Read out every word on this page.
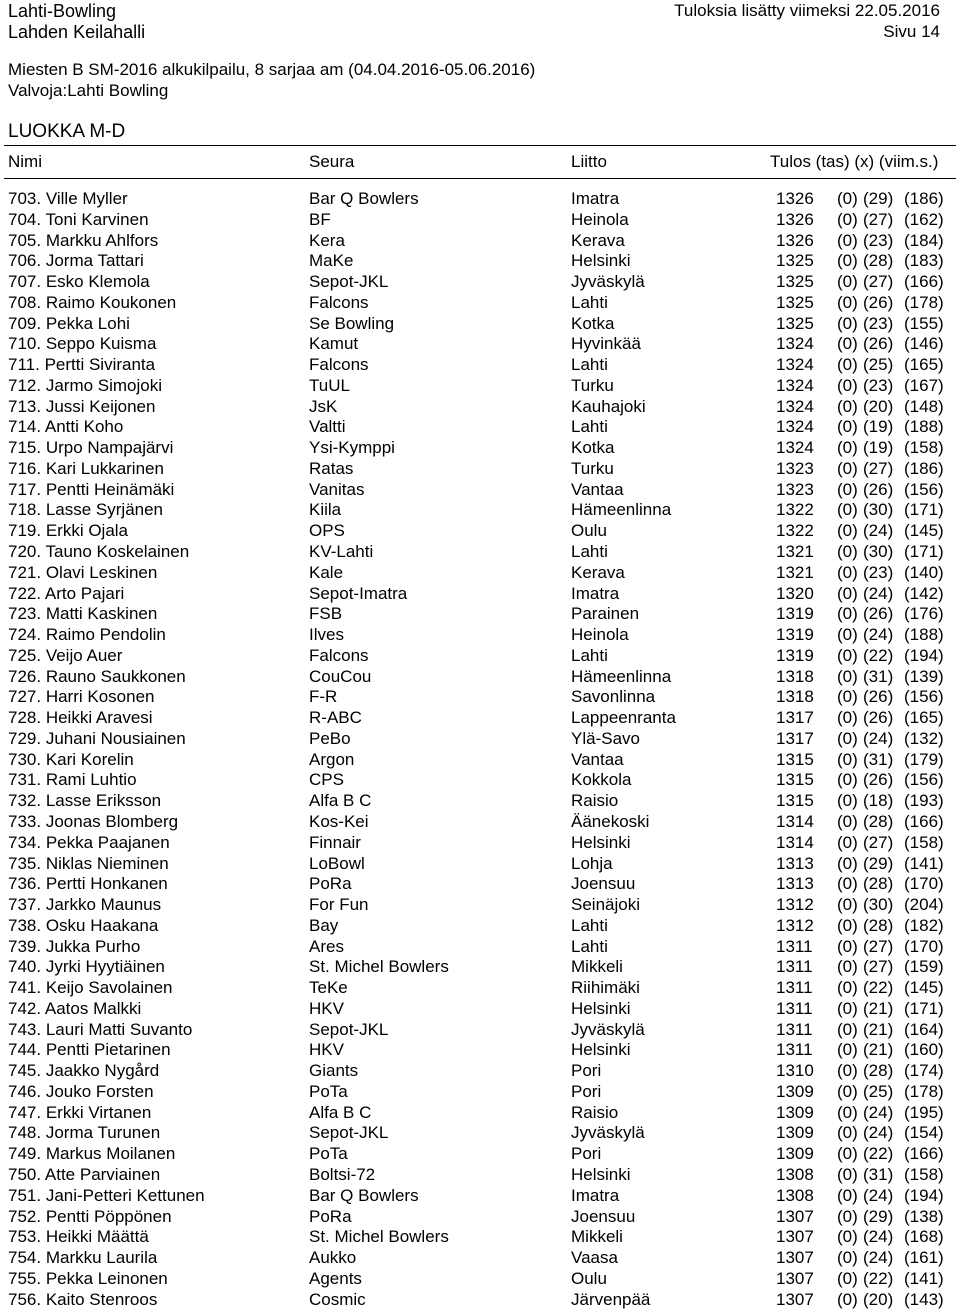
Lahti-Bowling
Lahden Keilahalli
Tuloksia lisätty viimeksi 22.05.2016
Sivu 14
Miesten B SM-2016 alkukilpailu, 8 sarjaa am (04.04.2016-05.06.2016)
Valvoja:Lahti Bowling
LUOKKA M-D
Nimi	Seura	Liitto	Tulos (tas) (x) (viim.s.)
703. Ville Myller	Bar Q Bowlers	Imatra	1326 (0) (29) (186)
704. Toni Karvinen	BF	Heinola	1326 (0) (27) (162)
705. Markku Ahlfors	Kera	Kerava	1326 (0) (23) (184)
706. Jorma Tattari	MaKe	Helsinki	1325 (0) (28) (183)
707. Esko Klemola	Sepot-JKL	Jyväskylä	1325 (0) (27) (166)
708. Raimo Koukonen	Falcons	Lahti	1325 (0) (26) (178)
709. Pekka Lohi	Se Bowling	Kotka	1325 (0) (23) (155)
710. Seppo Kuisma	Kamut	Hyvinkää	1324 (0) (26) (146)
711. Pertti Siviranta	Falcons	Lahti	1324 (0) (25) (165)
712. Jarmo Simojoki	TuUL	Turku	1324 (0) (23) (167)
713. Jussi Keijonen	JsK	Kauhajoki	1324 (0) (20) (148)
714. Antti Koho	Valtti	Lahti	1324 (0) (19) (188)
715. Urpo Nampajärvi	Ysi-Kymppi	Kotka	1324 (0) (19) (158)
716. Kari Lukkarinen	Ratas	Turku	1323 (0) (27) (186)
717. Pentti Heinämäki	Vanitas	Vantaa	1323 (0) (26) (156)
718. Lasse Syrjänen	Kiila	Hämeenlinna	1322 (0) (30) (171)
719. Erkki Ojala	OPS	Oulu	1322 (0) (24) (145)
720. Tauno Koskelainen	KV-Lahti	Lahti	1321 (0) (30) (171)
721. Olavi Leskinen	Kale	Kerava	1321 (0) (23) (140)
722. Arto Pajari	Sepot-Imatra	Imatra	1320 (0) (24) (142)
723. Matti Kaskinen	FSB	Parainen	1319 (0) (26) (176)
724. Raimo Pendolin	Ilves	Heinola	1319 (0) (24) (188)
725. Veijo Auer	Falcons	Lahti	1319 (0) (22) (194)
726. Rauno Saukkonen	CouCou	Hämeenlinna	1318 (0) (31) (139)
727. Harri Kosonen	F-R	Savonlinna	1318 (0) (26) (156)
728. Heikki Aravesi	R-ABC	Lappeenranta	1317 (0) (26) (165)
729. Juhani Nousiainen	PeBo	Ylä-Savo	1317 (0) (24) (132)
730. Kari Korelin	Argon	Vantaa	1315 (0) (31) (179)
731. Rami Luhtio	CPS	Kokkola	1315 (0) (26) (156)
732. Lasse Eriksson	Alfa B C	Raisio	1315 (0) (18) (193)
733. Joonas Blomberg	Kos-Kei	Äänekoski	1314 (0) (28) (166)
734. Pekka Paajanen	Finnair	Helsinki	1314 (0) (27) (158)
735. Niklas Nieminen	LoBowl	Lohja	1313 (0) (29) (141)
736. Pertti Honkanen	PoRa	Joensuu	1313 (0) (28) (170)
737. Jarkko Maunus	For Fun	Seinäjoki	1312 (0) (30) (204)
738. Osku Haakana	Bay	Lahti	1312 (0) (28) (182)
739. Jukka Purho	Ares	Lahti	1311 (0) (27) (170)
740. Jyrki Hyytiäinen	St. Michel Bowlers	Mikkeli	1311 (0) (27) (159)
741. Keijo Savolainen	TeKe	Riihimäki	1311 (0) (22) (145)
742. Aatos Malkki	HKV	Helsinki	1311 (0) (21) (171)
743. Lauri Matti Suvanto	Sepot-JKL	Jyväskylä	1311 (0) (21) (164)
744. Pentti Pietarinen	HKV	Helsinki	1311 (0) (21) (160)
745. Jaakko Nygård	Giants	Pori	1310 (0) (28) (174)
746. Jouko Forsten	PoTa	Pori	1309 (0) (25) (178)
747. Erkki Virtanen	Alfa B C	Raisio	1309 (0) (24) (195)
748. Jorma Turunen	Sepot-JKL	Jyväskylä	1309 (0) (24) (154)
749. Markus Moilanen	PoTa	Pori	1309 (0) (22) (166)
750. Atte Parviainen	Boltsi-72	Helsinki	1308 (0) (31) (158)
751. Jani-Petteri Kettunen	Bar Q Bowlers	Imatra	1308 (0) (24) (194)
752. Pentti Pöppönen	PoRa	Joensuu	1307 (0) (29) (138)
753. Heikki Määttä	St. Michel Bowlers	Mikkeli	1307 (0) (24) (168)
754. Markku Laurila	Aukko	Vaasa	1307 (0) (24) (161)
755. Pekka Leinonen	Agents	Oulu	1307 (0) (22) (141)
756. Kaito Stenroos	Cosmic	Järvenpää	1307 (0) (20) (143)
